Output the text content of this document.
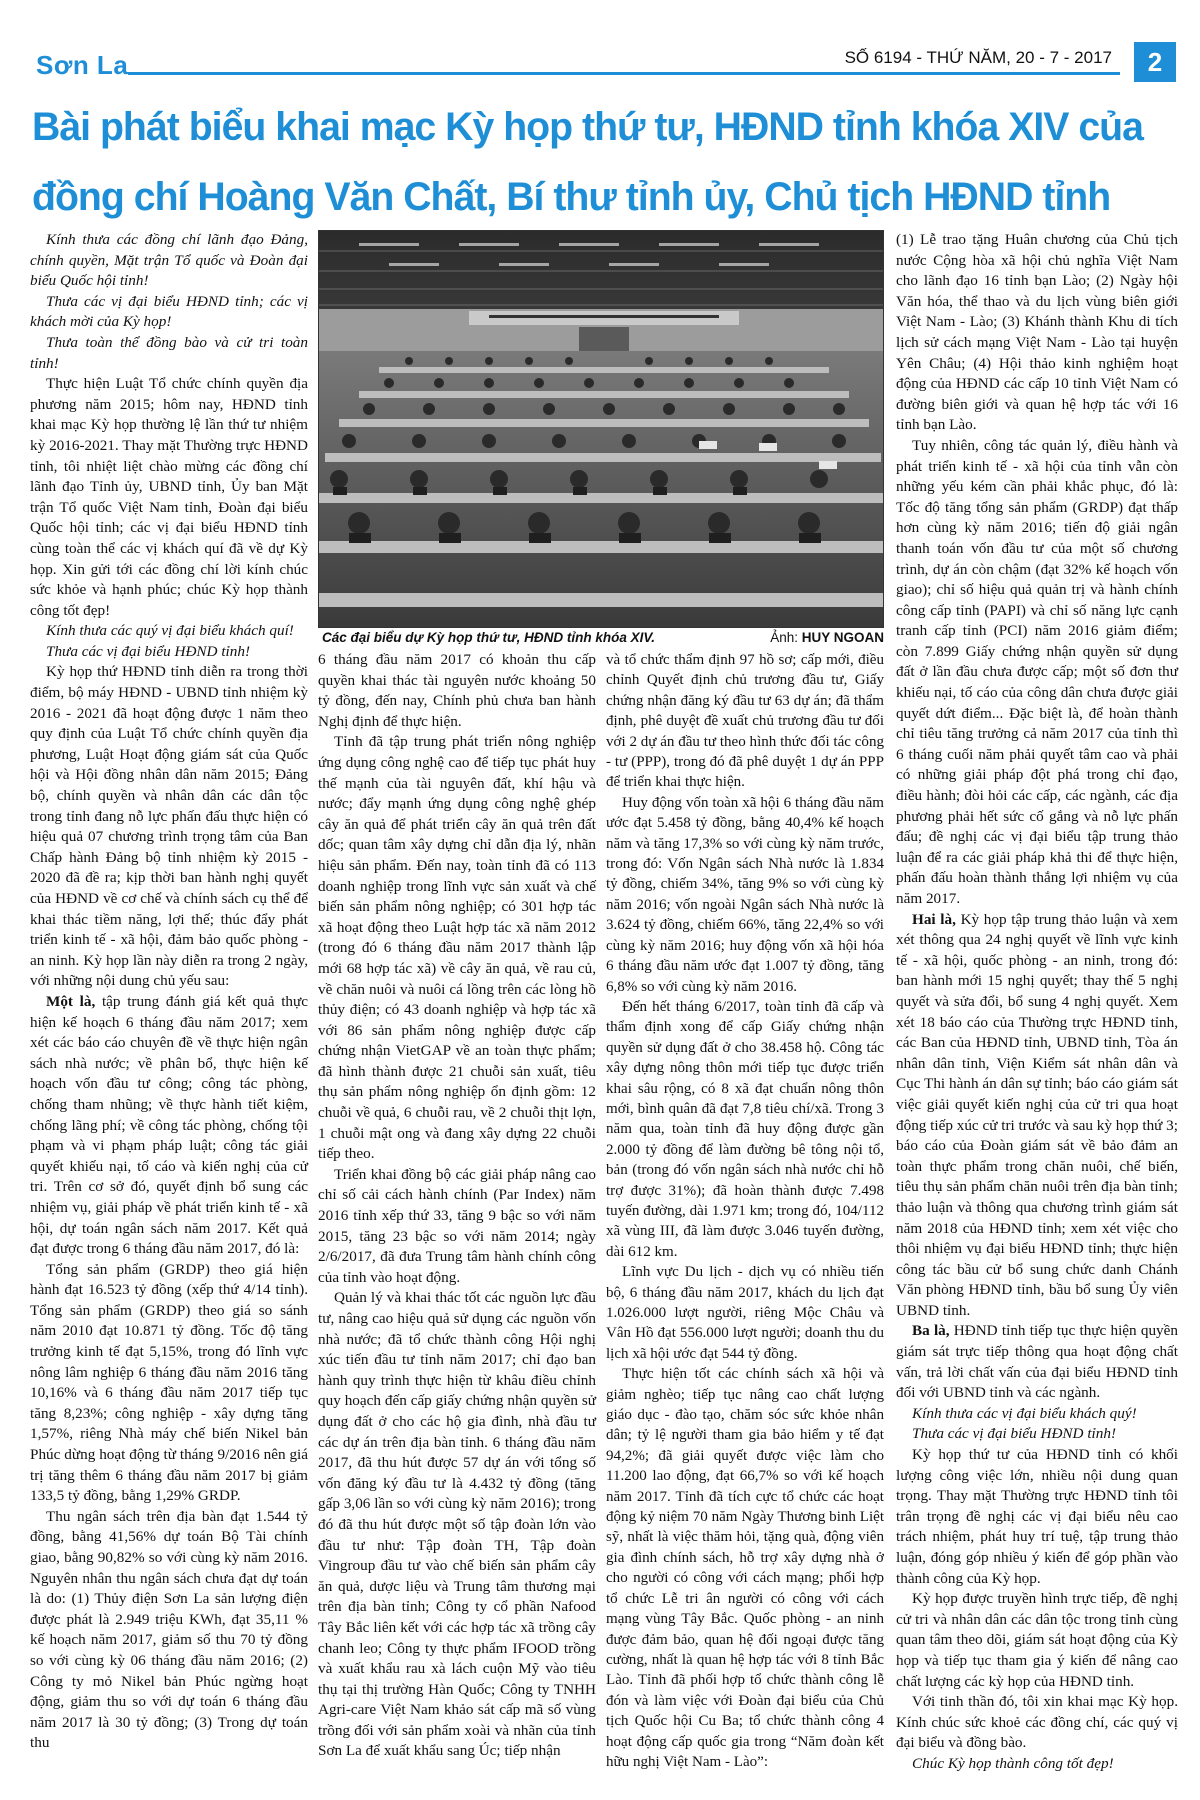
Sơn La	SỐ 6194 - THỨ NĂM, 20 - 7 - 2017	2
Bài phát biểu khai mạc Kỳ họp thứ tư, HĐND tỉnh khóa XIV của đồng chí Hoàng Văn Chất, Bí thư tỉnh ủy, Chủ tịch HĐND tỉnh

Kính thưa các đồng chí lãnh đạo Đảng, chính quyền, Mặt trận Tổ quốc và Đoàn đại biểu Quốc hội tỉnh!

Thưa các vị đại biểu HĐND tỉnh; các vị khách mời của Kỳ họp!

Thưa toàn thể đồng bào và cử tri toàn tỉnh!

Thực hiện Luật Tổ chức chính quyền địa phương năm 2015; hôm nay, HĐND tỉnh khai mạc Kỳ họp thường lệ lần thứ tư nhiệm kỳ 2016-2021. Thay mặt Thường trực HĐND tỉnh, tôi nhiệt liệt chào mừng các đồng chí lãnh đạo Tỉnh ủy, UBND tỉnh, Ủy ban Mặt trận Tổ quốc Việt Nam tỉnh, Đoàn đại biểu Quốc hội tỉnh; các vị đại biểu HĐND tỉnh cùng toàn thể các vị khách quí đã về dự Kỳ họp. Xin gửi tới các đồng chí lời kính chúc sức khỏe và hạnh phúc; chúc Kỳ họp thành công tốt đẹp!

Kính thưa các quý vị đại biểu khách quí!

Thưa các vị đại biểu HĐND tỉnh!

Kỳ họp thứ HĐND tỉnh diễn ra trong thời điểm, bộ máy HĐND - UBND tỉnh nhiệm kỳ 2016 - 2021 đã hoạt động được 1 năm theo quy định của Luật Tổ chức chính quyền địa phương, Luật Hoạt động giám sát của Quốc hội và Hội đồng nhân dân năm 2015; Đảng bộ, chính quyền và nhân dân các dân tộc trong tỉnh đang nỗ lực phấn đấu thực hiện có hiệu quả 07 chương trình trọng tâm của Ban Chấp hành Đảng bộ tỉnh nhiệm kỳ 2015 - 2020 đã đề ra; kịp thời ban hành nghị quyết của HĐND về cơ chế và chính sách cụ thể để khai thác tiềm năng, lợi thế; thúc đẩy phát triển kinh tế - xã hội, đảm bảo quốc phòng - an ninh. Kỳ họp lần này diễn ra trong 2 ngày, với những nội dung chủ yếu sau:

Một là, tập trung đánh giá kết quả thực hiện kế hoạch 6 tháng đầu năm 2017; xem xét các báo cáo chuyên đề về thực hiện ngân sách nhà nước; về phân bổ, thực hiện kế hoạch vốn đầu tư công; công tác phòng, chống tham nhũng; về thực hành tiết kiệm, chống lãng phí; về công tác phòng, chống tội phạm và vi phạm pháp luật; công tác giải quyết khiếu nại, tố cáo và kiến nghị của cử tri. Trên cơ sở đó, quyết định bổ sung các nhiệm vụ, giải pháp về phát triển kinh tế - xã hội, dự toán ngân sách năm 2017. Kết quả đạt được trong 6 tháng đầu năm 2017, đó là:

Tổng sản phẩm (GRDP) theo giá hiện hành đạt 16.523 tỷ đồng (xếp thứ 4/14 tỉnh). Tổng sản phẩm (GRDP) theo giá so sánh năm 2010 đạt 10.871 tỷ đồng. Tốc độ tăng trưởng kinh tế đạt 5,15%, trong đó lĩnh vực nông lâm nghiệp 6 tháng đầu năm 2016 tăng 10,16% và 6 tháng đầu năm 2017 tiếp tục tăng 8,23%; công nghiệp - xây dựng tăng 1,57%, riêng Nhà máy chế biến Nikel bản Phúc dừng hoạt động từ tháng 9/2016 nên giá trị tăng thêm 6 tháng đầu năm 2017 bị giảm 133,5 tỷ đồng, bằng 1,29% GRDP.

Thu ngân sách trên địa bàn đạt 1.544 tỷ đồng, bằng 41,56% dự toán Bộ Tài chính giao, bằng 90,82% so với cùng kỳ năm 2016. Nguyên nhân thu ngân sách chưa đạt dự toán là do: (1) Thủy điện Sơn La sản lượng điện được phát là 2.949 triệu KWh, đạt 35,11 % kế hoạch năm 2017, giảm số thu 70 tỷ đồng so với cùng kỳ 06 tháng đầu năm 2016; (2) Công ty mỏ Nikel bản Phúc ngừng hoạt động, giảm thu so với dự toán 6 tháng đầu năm 2017 là 30 tỷ đồng; (3) Trong dự toán thu

Các đại biểu dự Kỳ họp thứ tư, HĐND tỉnh khóa XIV.	Ảnh: HUY NGOAN

6 tháng đầu năm 2017 có khoản thu cấp quyền khai thác tài nguyên nước khoảng 50 tỷ đồng, đến nay, Chính phủ chưa ban hành Nghị định để thực hiện.

Tỉnh đã tập trung phát triển nông nghiệp ứng dụng công nghệ cao để tiếp tục phát huy thế mạnh của tài nguyên đất, khí hậu và nước; đẩy mạnh ứng dụng công nghệ ghép cây ăn quả để phát triển cây ăn quả trên đất dốc; quan tâm xây dựng chỉ dẫn địa lý, nhãn hiệu sản phẩm. Đến nay, toàn tỉnh đã có 113 doanh nghiệp trong lĩnh vực sản xuất và chế biến sản phẩm nông nghiệp; có 301 hợp tác xã hoạt động theo Luật hợp tác xã năm 2012 (trong đó 6 tháng đầu năm 2017 thành lập mới 68 hợp tác xã) về cây ăn quả, về rau củ, về chăn nuôi và nuôi cá lồng trên các lòng hồ thủy điện; có 43 doanh nghiệp và hợp tác xã với 86 sản phẩm nông nghiệp được cấp chứng nhận VietGAP về an toàn thực phẩm; đã hình thành được 21 chuỗi sản xuất, tiêu thụ sản phẩm nông nghiệp ổn định gồm: 12 chuỗi về quả, 6 chuỗi rau, về 2 chuỗi thịt lợn, 1 chuỗi mật ong và đang xây dựng 22 chuỗi tiếp theo.

Triển khai đồng bộ các giải pháp nâng cao chỉ số cải cách hành chính (Par Index) năm 2016 tỉnh xếp thứ 33, tăng 9 bậc so với năm 2015, tăng 23 bậc so với năm 2014; ngày 2/6/2017, đã đưa Trung tâm hành chính công của tỉnh vào hoạt động.

Quản lý và khai thác tốt các nguồn lực đầu tư, nâng cao hiệu quả sử dụng các nguồn vốn nhà nước; đã tổ chức thành công Hội nghị xúc tiến đầu tư tỉnh năm 2017; chỉ đạo ban hành quy trình thực hiện từ khâu điều chỉnh quy hoạch đến cấp giấy chứng nhận quyền sử dụng đất ở cho các hộ gia đình, nhà đầu tư các dự án trên địa bàn tỉnh. 6 tháng đầu năm 2017, đã thu hút được 57 dự án với tổng số vốn đăng ký đầu tư là 4.432 tỷ đồng (tăng gấp 3,06 lần so với cùng kỳ năm 2016); trong đó đã thu hút được một số tập đoàn lớn vào đầu tư như: Tập đoàn TH, Tập đoàn Vingroup đầu tư vào chế biến sản phẩm cây ăn quả, dược liệu và Trung tâm thương mại trên địa bàn tỉnh; Công ty cổ phần Nafood Tây Bắc liên kết với các hợp tác xã trồng cây chanh leo; Công ty thực phẩm IFOOD trồng và xuất khẩu rau xà lách cuộn Mỹ vào tiêu thụ tại thị trường Hàn Quốc; Công ty TNHH Agri-care Việt Nam khảo sát cấp mã số vùng trồng đối với sản phẩm xoài và nhãn của tỉnh Sơn La để xuất khẩu sang Úc; tiếp nhận

và tổ chức thẩm định 97 hồ sơ; cấp mới, điều chỉnh Quyết định chủ trương đầu tư, Giấy chứng nhận đăng ký đầu tư 63 dự án; đã thẩm định, phê duyệt đề xuất chủ trương đầu tư đối với 2 dự án đầu tư theo hình thức đối tác công - tư (PPP), trong đó đã phê duyệt 1 dự án PPP để triển khai thực hiện.

Huy động vốn toàn xã hội 6 tháng đầu năm ước đạt 5.458 tỷ đồng, bằng 40,4% kế hoạch năm và tăng 17,3% so với cùng kỳ năm trước, trong đó: Vốn Ngân sách Nhà nước là 1.834 tỷ đồng, chiếm 34%, tăng 9% so với cùng kỳ năm 2016; vốn ngoài Ngân sách Nhà nước là 3.624 tỷ đồng, chiếm 66%, tăng 22,4% so với cùng kỳ năm 2016; huy động vốn xã hội hóa 6 tháng đầu năm ước đạt 1.007 tỷ đồng, tăng 6,8% so với cùng kỳ năm 2016.

Đến hết tháng 6/2017, toàn tỉnh đã cấp và thẩm định xong để cấp Giấy chứng nhận quyền sử dụng đất ở cho 38.458 hộ. Công tác xây dựng nông thôn mới tiếp tục được triển khai sâu rộng, có 8 xã đạt chuẩn nông thôn mới, bình quân đã đạt 7,8 tiêu chí/xã. Trong 3 năm qua, toàn tỉnh đã huy động được gần 2.000 tỷ đồng để làm đường bê tông nội tổ, bản (trong đó vốn ngân sách nhà nước chỉ hỗ trợ được 31%); đã hoàn thành được 7.498 tuyến đường, dài 1.971 km; trong đó, 104/112 xã vùng III, đã làm được 3.046 tuyến đường, dài 612 km.

Lĩnh vực Du lịch - dịch vụ có nhiều tiến bộ, 6 tháng đầu năm 2017, khách du lịch đạt 1.026.000 lượt người, riêng Mộc Châu và Vân Hồ đạt 556.000 lượt người; doanh thu du lịch xã hội ước đạt 544 tỷ đồng.

Thực hiện tốt các chính sách xã hội và giảm nghèo; tiếp tục nâng cao chất lượng giáo dục - đào tạo, chăm sóc sức khỏe nhân dân; tỷ lệ người tham gia bảo hiểm y tế đạt 94,2%; đã giải quyết được việc làm cho 11.200 lao động, đạt 66,7% so với kế hoạch năm 2017. Tỉnh đã tích cực tổ chức các hoạt động kỷ niệm 70 năm Ngày Thương binh Liệt sỹ, nhất là việc thăm hỏi, tặng quà, động viên gia đình chính sách, hỗ trợ xây dựng nhà ở cho người có công với cách mạng; phối hợp tổ chức Lễ tri ân người có công với cách mạng vùng Tây Bắc. Quốc phòng - an ninh được đảm bảo, quan hệ đối ngoại được tăng cường, nhất là quan hệ hợp tác với 8 tỉnh Bắc Lào. Tỉnh đã phối hợp tổ chức thành công lễ đón và làm việc với Đoàn đại biểu của Chủ tịch Quốc hội Cu Ba; tổ chức thành công 4 hoạt động cấp quốc gia trong “Năm đoàn kết hữu nghị Việt Nam - Lào”:

(1) Lễ trao tặng Huân chương của Chủ tịch nước Cộng hòa xã hội chủ nghĩa Việt Nam cho lãnh đạo 16 tỉnh bạn Lào; (2) Ngày hội Văn hóa, thể thao và du lịch vùng biên giới Việt Nam - Lào; (3) Khánh thành Khu di tích lịch sử cách mạng Việt Nam - Lào tại huyện Yên Châu; (4) Hội thảo kinh nghiệm hoạt động của HĐND các cấp 10 tỉnh Việt Nam có đường biên giới và quan hệ hợp tác với 16 tỉnh bạn Lào.

Tuy nhiên, công tác quản lý, điều hành và phát triển kinh tế - xã hội của tỉnh vẫn còn những yếu kém cần phải khắc phục, đó là: Tốc độ tăng tổng sản phẩm (GRDP) đạt thấp hơn cùng kỳ năm 2016; tiến độ giải ngân thanh toán vốn đầu tư của một số chương trình, dự án còn chậm (đạt 32% kế hoạch vốn giao); chỉ số hiệu quả quản trị và hành chính công cấp tỉnh (PAPI) và chỉ số năng lực cạnh tranh cấp tỉnh (PCI) năm 2016 giảm điểm; còn 7.899 Giấy chứng nhận quyền sử dụng đất ở lần đầu chưa được cấp; một số đơn thư khiếu nại, tố cáo của công dân chưa được giải quyết dứt điểm... Đặc biệt là, để hoàn thành chỉ tiêu tăng trưởng cả năm 2017 của tỉnh thì 6 tháng cuối năm phải quyết tâm cao và phải có những giải pháp đột phá trong chỉ đạo, điều hành; đòi hỏi các cấp, các ngành, các địa phương phải hết sức cố gắng và nỗ lực phấn đấu; đề nghị các vị đại biểu tập trung thảo luận để ra các giải pháp khả thi để thực hiện, phấn đấu hoàn thành thắng lợi nhiệm vụ của năm 2017.

Hai là, Kỳ họp tập trung thảo luận và xem xét thông qua 24 nghị quyết về lĩnh vực kinh tế - xã hội, quốc phòng - an ninh, trong đó: ban hành mới 15 nghị quyết; thay thế 5 nghị quyết và sửa đổi, bổ sung 4 nghị quyết. Xem xét 18 báo cáo của Thường trực HĐND tỉnh, các Ban của HĐND tỉnh, UBND tỉnh, Tòa án nhân dân tỉnh, Viện Kiểm sát nhân dân và Cục Thi hành án dân sự tỉnh; báo cáo giám sát việc giải quyết kiến nghị của cử tri qua hoạt động tiếp xúc cử tri trước và sau kỳ họp thứ 3; báo cáo của Đoàn giám sát về bảo đảm an toàn thực phẩm trong chăn nuôi, chế biến, tiêu thụ sản phẩm chăn nuôi trên địa bàn tỉnh; thảo luận và thông qua chương trình giám sát năm 2018 của HĐND tỉnh; xem xét việc cho thôi nhiệm vụ đại biểu HĐND tỉnh; thực hiện công tác bầu cử bổ sung chức danh Chánh Văn phòng HĐND tỉnh, bầu bổ sung Ủy viên UBND tỉnh.

Ba là, HĐND tỉnh tiếp tục thực hiện quyền giám sát trực tiếp thông qua hoạt động chất vấn, trả lời chất vấn của đại biểu HĐND tỉnh đối với UBND tỉnh và các ngành.

Kính thưa các vị đại biểu khách quý!

Thưa các vị đại biểu HĐND tỉnh!

Kỳ họp thứ tư của HĐND tỉnh có khối lượng công việc lớn, nhiều nội dung quan trọng. Thay mặt Thường trực HĐND tỉnh tôi trân trọng đề nghị các vị đại biểu nêu cao trách nhiệm, phát huy trí tuệ, tập trung thảo luận, đóng góp nhiều ý kiến để góp phần vào thành công của Kỳ họp.

Kỳ họp được truyền hình trực tiếp, đề nghị cử tri và nhân dân các dân tộc trong tỉnh cùng quan tâm theo dõi, giám sát hoạt động của Kỳ họp và tiếp tục tham gia ý kiến để nâng cao chất lượng các kỳ họp của HĐND tỉnh.

Với tinh thần đó, tôi xin khai mạc Kỳ họp. Kính chúc sức khoẻ các đồng chí, các quý vị đại biểu và đồng bào.

Chúc Kỳ họp thành công tốt đẹp!
